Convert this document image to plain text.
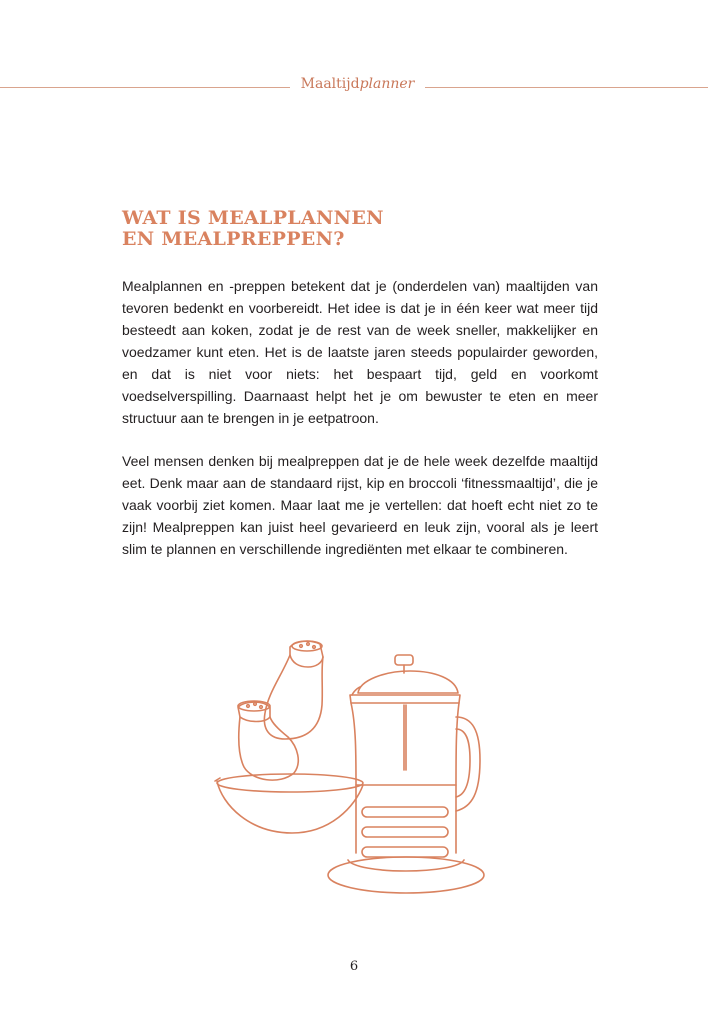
Maaltijdplanner
WAT IS MEALPLANNEN
EN MEALPREPPEN?

Mealplannen en -preppen betekent dat je (onderdelen van) maaltijden van tevoren bedenkt en voorbereidt. Het idee is dat je in één keer wat meer tijd besteedt aan koken, zodat je de rest van de week sneller, makkelijker en voedzamer kunt eten. Het is de laatste jaren steeds populairder geworden, en dat is niet voor niets: het bespaart tijd, geld en voorkomt voedselverspilling. Daarnaast helpt het je om bewuster te eten en meer structuur aan te brengen in je eetpatroon.

Veel mensen denken bij mealpreppen dat je de hele week dezelfde maaltijd eet. Denk maar aan de standaard rijst, kip en broccoli ‘fitnessmaaltijd’, die je vaak voorbij ziet komen. Maar laat me je vertellen: dat hoeft echt niet zo te zijn! Mealpreppen kan juist heel gevarieerd en leuk zijn, vooral als je leert slim te plannen en verschillende ingrediënten met elkaar te combineren.

6
